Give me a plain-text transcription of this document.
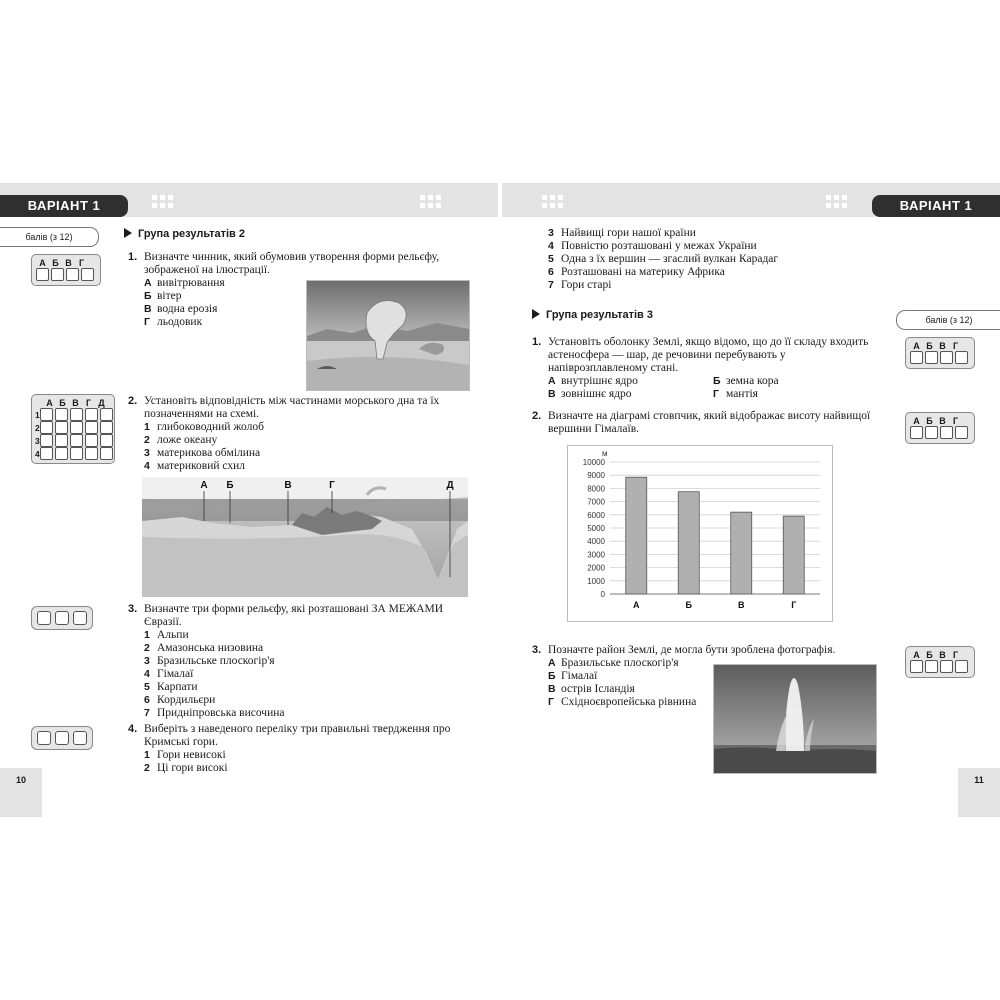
ВАРІАНТ 1	ВАРІАНТ 1
балів (з 12)	Група результатів 2
А Б В Г	1. Визначте чинник, який обумовив утворення форми рельєфу, зображеної на ілюстрації.

А вивітрювання
Б вітер
В водна ерозія
Г льодовик
А Б В Г Д
1
2
3
4
2. Установіть відповідність між частинами морського дна та їх позначеннями на схемі.

1 глибоководний жолоб
2 ложе океану
3 материкова обмілина
4 материковий схил
А Б	В	Г	Д
3. Визначте три форми рельєфу, які розташовані ЗА МЕЖАМИ Євразії.

1 Альпи
2 Амазонська низовина
3 Бразильське плоскогір'я
4 Гімалаї
5 Карпати
6 Кордильєри
7 Придніпровська височина
4. Виберіть з наведеного переліку три правильні твердження про Кримські гори.

1 Гори невисокі
2 Ці гори високі
10
3 Найвищі гори нашої країни
4 Повністю розташовані у межах України
5 Одна з їх вершин — згаслий вулкан Карадаг
6 Розташовані на материку Африка
7 Гори старі
Група результатів 3	балів (з 12)
А Б В Г
1. Установіть оболонку Землі, якщо відомо, що до її складу входить астеносфера — шар, де речовини перебувають у напіврозплавленому стані.

А внутрішнє ядро	Б земна кора
В зовнішнє ядро	Г мантія
А Б В Г
2. Визначте на діаграмі стовпчик, який відображає висоту найвищої вершини Гімалаїв.

0
1000
2000
3000
4000
5000
6000
7000
8000
9000
10000
м
А	Б	В	Г
А Б В Г
3. Позначте район Землі, де могла бути зроблена фотографія.

А Бразильське плоскогір'я
Б Гімалаї
В острів Ісландія
Г Східноєвропейська рівнина
11
